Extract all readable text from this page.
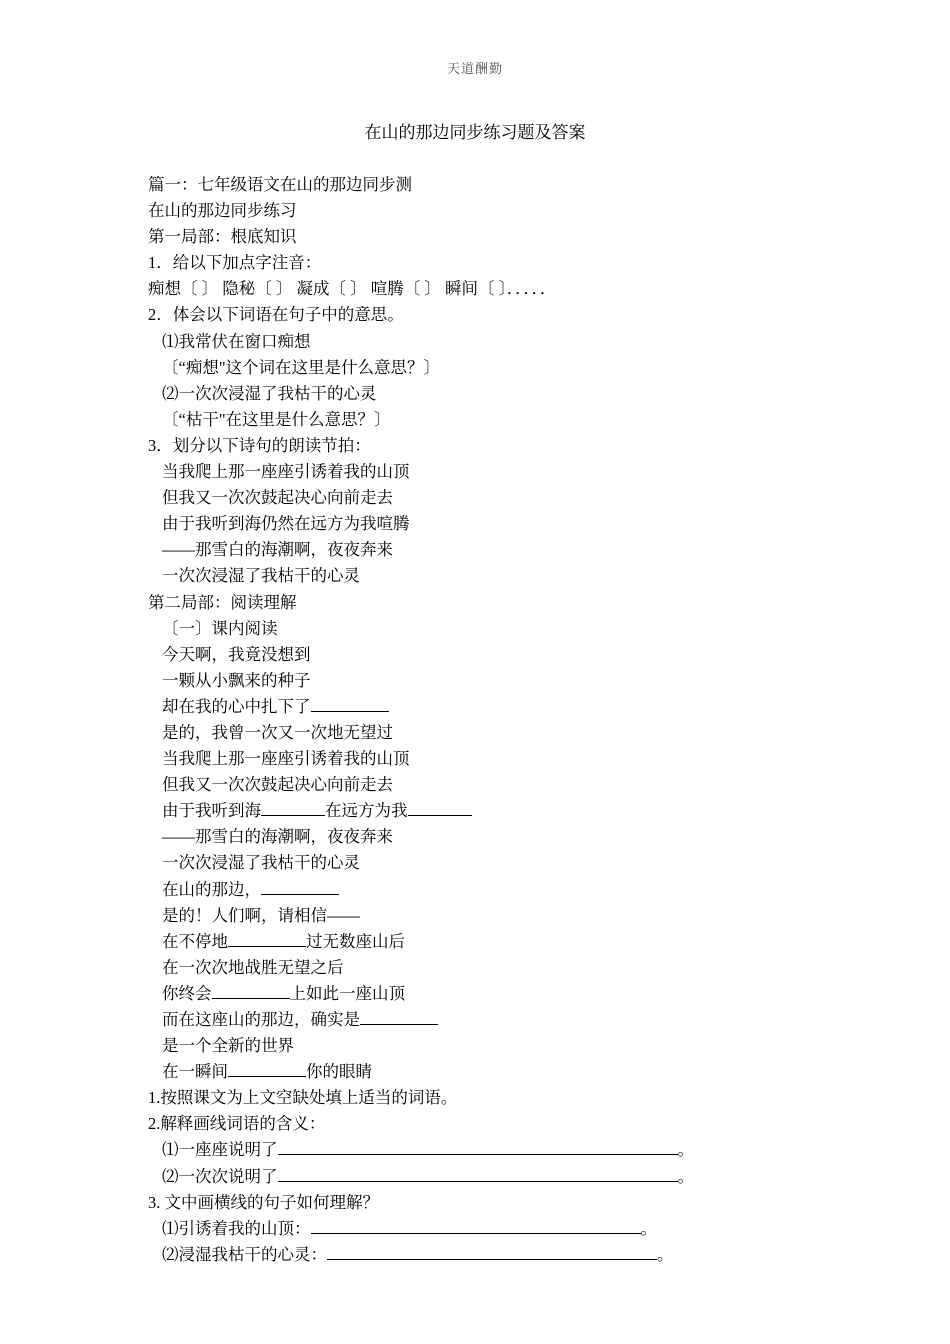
天道酬勤
在山的那边同步练习题及答案
篇一：七年级语文在山的那边同步测
在山的那边同步练习
第一局部：根底知识
1．给以下加点字注音：
痴想〔 〕 隐秘〔 〕 凝成〔 〕 喧腾〔 〕 瞬间〔 〕．．．．．
2．体会以下词语在句子中的意思。
⑴我常伏在窗口痴想
〔“痴想"这个词在这里是什么意思？〕
⑵一次次浸湿了我枯干的心灵
〔“枯干"在这里是什么意思？〕
3．划分以下诗句的朗读节拍：
当我爬上那一座座引诱着我的山顶
但我又一次次鼓起决心向前走去
由于我听到海仍然在远方为我喧腾
——那雪白的海潮啊，夜夜奔来
一次次浸湿了我枯干的心灵
第二局部：阅读理解
〔一〕课内阅读
今天啊，我竟没想到
一颗从小飘来的种子
却在我的心中扎下了
是的，我曾一次又一次地无望过
当我爬上那一座座引诱着我的山顶
但我又一次次鼓起决心向前走去
由于我听到海	在远方为我
——那雪白的海潮啊，夜夜奔来
一次次浸湿了我枯干的心灵
在山的那边，
是的！人们啊，请相信——
在不停地	过无数座山后
在一次次地战胜无望之后
你终会	上如此一座山顶
而在这座山的那边，确实是
是一个全新的世界
在一瞬间	你的眼睛
1.按照课文为上文空缺处填上适当的词语。
2.解释画线词语的含义：
⑴一座座说明了	。
⑵一次次说明了	。
3. 文中画横线的句子如何理解？
⑴引诱着我的山顶：	。
⑵浸湿我枯干的心灵：	。
